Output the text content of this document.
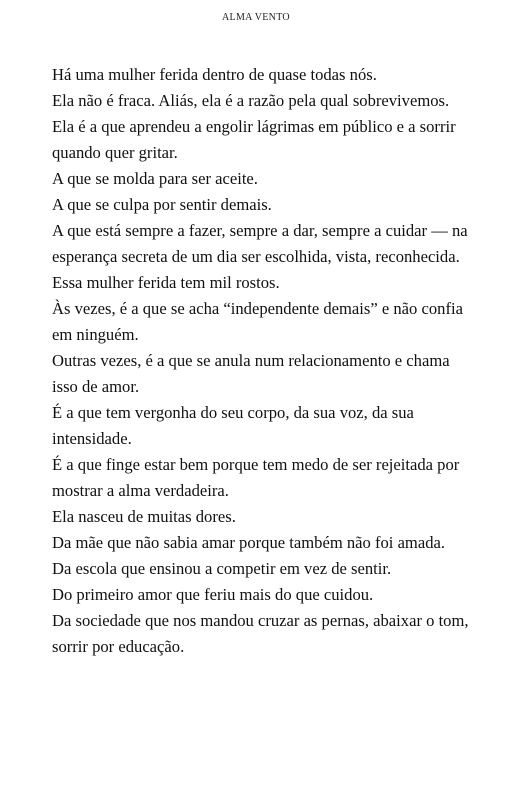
ALMA VENTO

Há uma mulher ferida dentro de quase todas nós.

Ela não é fraca. Aliás, ela é a razão pela qual sobrevivemos.

Ela é a que aprendeu a engolir lágrimas em público e a sorrir quando quer gritar.

A que se molda para ser aceite.

A que se culpa por sentir demais.

A que está sempre a fazer, sempre a dar, sempre a cuidar — na esperança secreta de um dia ser escolhida, vista, reconhecida.

Essa mulher ferida tem mil rostos.

Às vezes, é a que se acha “independente demais” e não confia em ninguém.

Outras vezes, é a que se anula num relacionamento e chama isso de amor.

É a que tem vergonha do seu corpo, da sua voz, da sua intensidade.

É a que finge estar bem porque tem medo de ser rejeitada por mostrar a alma verdadeira.

Ela nasceu de muitas dores.

Da mãe que não sabia amar porque também não foi amada.

Da escola que ensinou a competir em vez de sentir.

Do primeiro amor que feriu mais do que cuidou.

Da sociedade que nos mandou cruzar as pernas, abaixar o tom, sorrir por educação.
